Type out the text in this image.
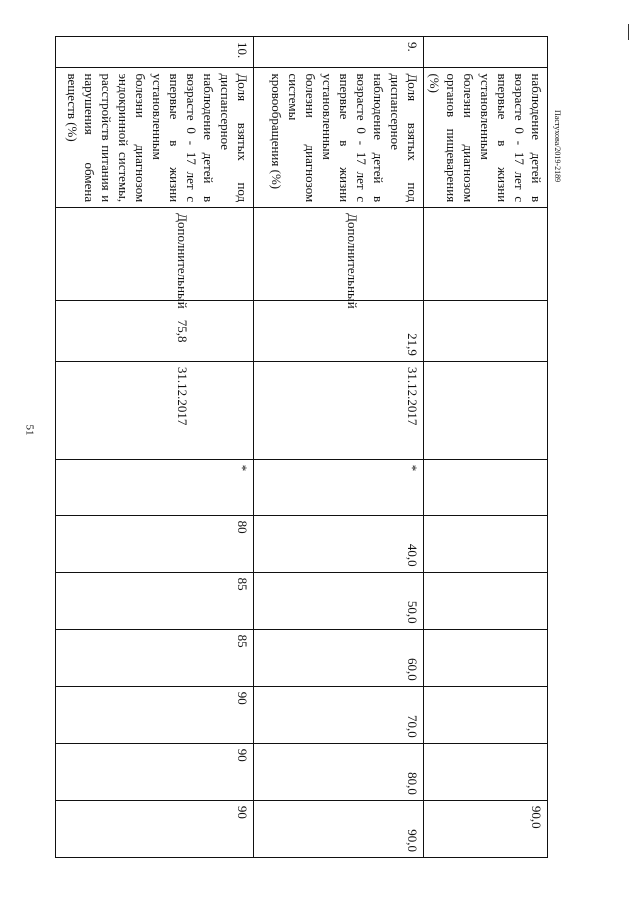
51
Пастухова/2019-2189
	наблюдение детей в возрасте 0 - 17 лет с впервые в жизни установленным болезни диагнозом органов пищеварения (%)										90,0
9.	Доля взятых под диспансерное наблюдение детей в возрасте 0 - 17 лет с впервые в жизни установленным болезни диагнозом системы кровообращения (%)	Дополнительный	21,9	31.12.2017	*	40,0	50,0	60,0	70,0	80,0	90,0
10.	Доля взятых под диспансерное наблюдение детей в возрасте 0 - 17 лет с впервые в жизни установленным болезни диагнозом эндокринной системы, расстройств питания и нарушения обмена веществ (%)	Дополнительный	75,8	31.12.2017	*	80	85	85	90	90	90
